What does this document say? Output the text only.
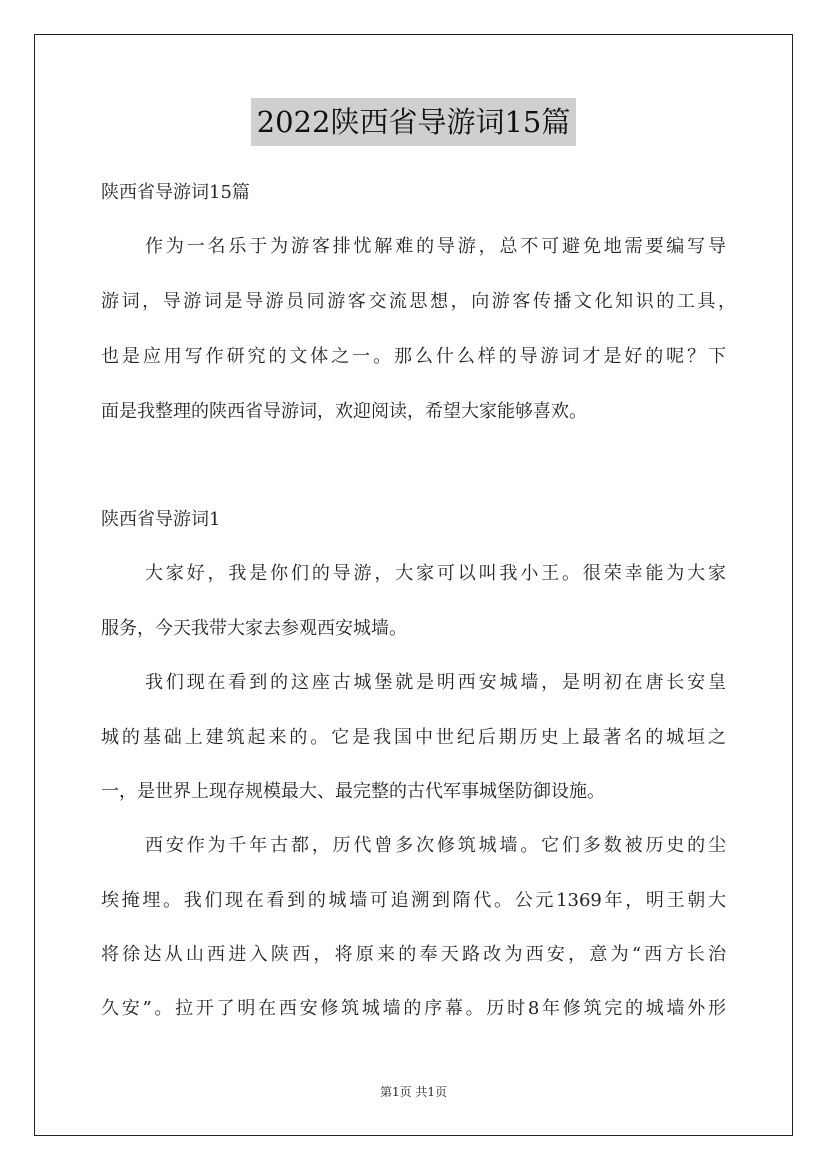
2022陕西省导游词15篇
陕西省导游词15篇
作为一名乐于为游客排忧解难的导游，总不可避免地需要编写导
游词，导游词是导游员同游客交流思想，向游客传播文化知识的工具，
也是应用写作研究的文体之一。那么什么样的导游词才是好的呢？下
面是我整理的陕西省导游词，欢迎阅读，希望大家能够喜欢。
陕西省导游词1
大家好，我是你们的导游，大家可以叫我小王。很荣幸能为大家
服务，今天我带大家去参观西安城墙。
我们现在看到的这座古城堡就是明西安城墙，是明初在唐长安皇
城的基础上建筑起来的。它是我国中世纪后期历史上最著名的城垣之
一，是世界上现存规模最大、最完整的古代军事城堡防御设施。
西安作为千年古都，历代曾多次修筑城墙。它们多数被历史的尘
埃掩埋。我们现在看到的城墙可追溯到隋代。公元1369年，明王朝大
将徐达从山西进入陕西，将原来的奉天路改为西安，意为“西方长治
久安”。拉开了明在西安修筑城墙的序幕。历时8年修筑完的城墙外形
第1页 共1页
